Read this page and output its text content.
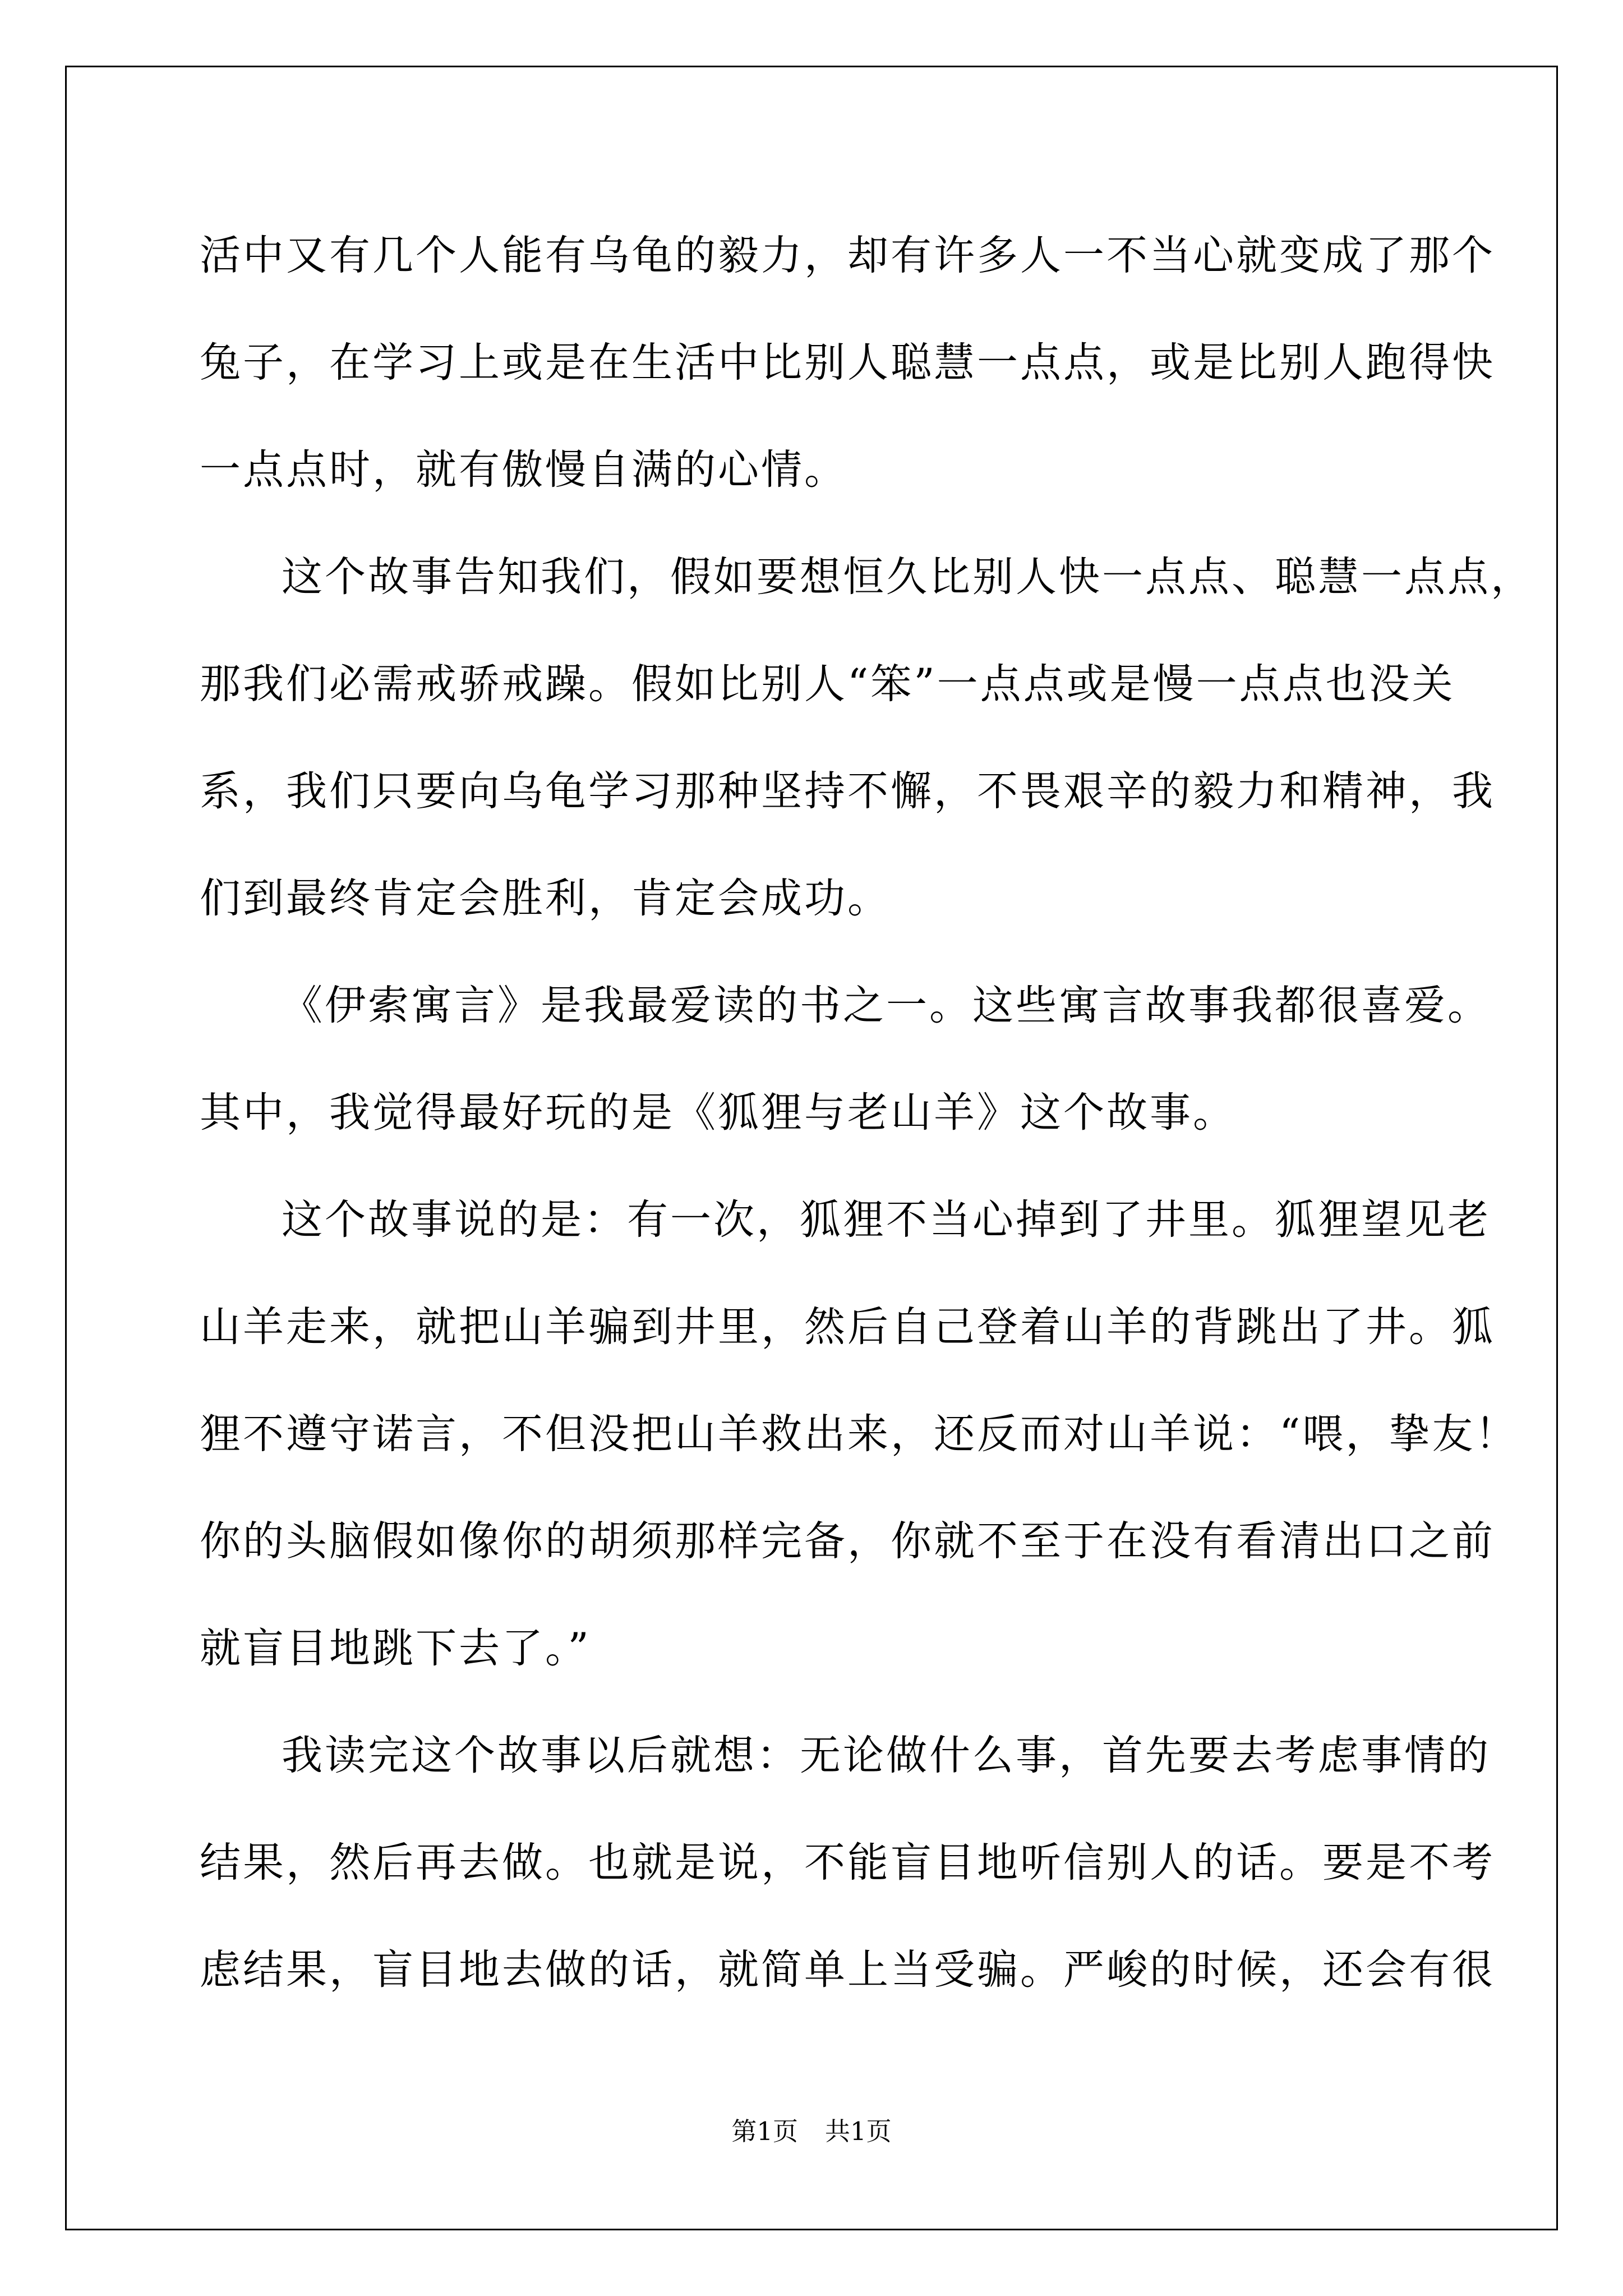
活中又有几个人能有乌龟的毅力，却有许多人一不当心就变成了那个
兔子，在学习上或是在生活中比别人聪慧一点点，或是比别人跑得快
一点点时，就有傲慢自满的心情。
这个故事告知我们，假如要想恒久比别人快一点点、聪慧一点点，
那我们必需戒骄戒躁。假如比别人“笨”一点点或是慢一点点也没关
系，我们只要向乌龟学习那种坚持不懈，不畏艰辛的毅力和精神，我
们到最终肯定会胜利，肯定会成功。
《伊索寓言》是我最爱读的书之一。这些寓言故事我都很喜爱。
其中，我觉得最好玩的是《狐狸与老山羊》这个故事。
这个故事说的是：有一次，狐狸不当心掉到了井里。狐狸望见老
山羊走来，就把山羊骗到井里，然后自己登着山羊的背跳出了井。狐
狸不遵守诺言，不但没把山羊救出来，还反而对山羊说：“喂，挚友！
你的头脑假如像你的胡须那样完备，你就不至于在没有看清出口之前
就盲目地跳下去了。”
我读完这个故事以后就想：无论做什么事，首先要去考虑事情的
结果，然后再去做。也就是说，不能盲目地听信别人的话。要是不考
虑结果，盲目地去做的话，就简单上当受骗。严峻的时候，还会有很
第1页 共1页
